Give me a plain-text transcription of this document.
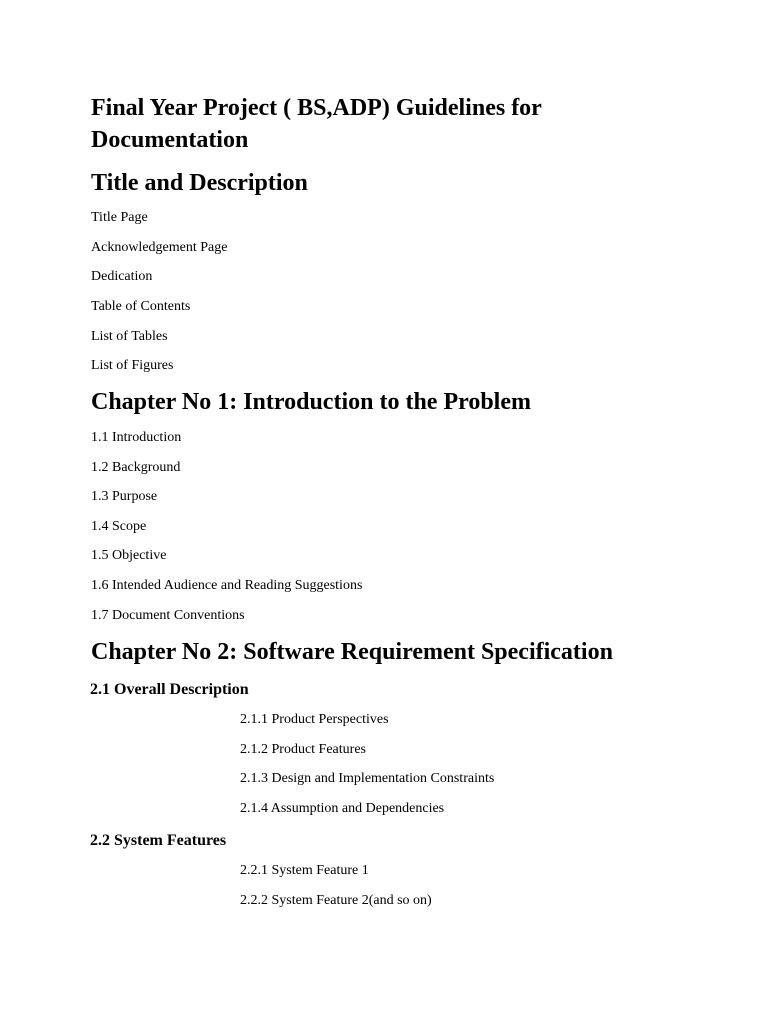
Final Year Project ( BS,ADP) Guidelines for Documentation
Title and Description

Title Page

Acknowledgement Page

Dedication

Table of Contents

List of Tables

List of Figures

Chapter No 1: Introduction to the Problem

1.1 Introduction

1.2 Background

1.3 Purpose

1.4 Scope

1.5 Objective

1.6 Intended Audience and Reading Suggestions

1.7 Document Conventions

Chapter No 2: Software Requirement Specification
2.1 Overall Description

2.1.1 Product Perspectives

2.1.2 Product Features

2.1.3 Design and Implementation Constraints

2.1.4 Assumption and Dependencies

2.2 System Features

2.2.1 System Feature 1

2.2.2 System Feature 2(and so on)
